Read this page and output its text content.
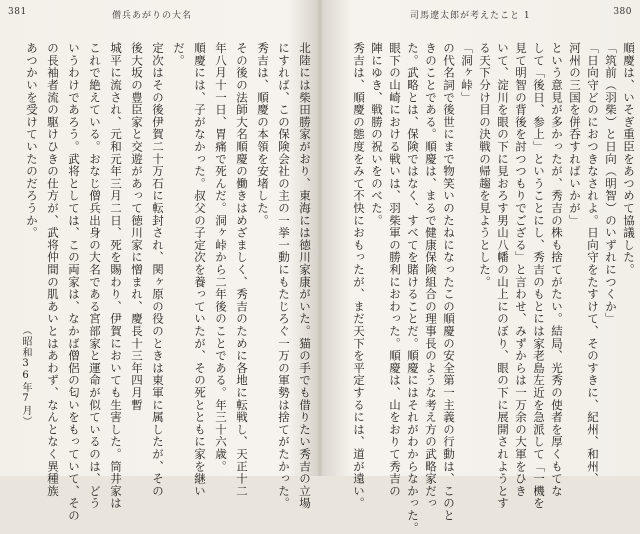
381	僧兵あがりの大名
北陸には柴田勝家がおり、東海には徳川家康がいた。猫の手でも借りたい秀吉の立場
にすれば、この保険会社の主の一挙一動にもたじろぐ一万の軍勢は捨てがたかった。
秀吉は、順慶の本領を安堵した。
その後の法師大名順慶の働きはめざましく、秀吉のために各地に転戦し、天正十二
年八月十一日、胃痛で死んだ。洞ヶ峠から二年後のことである。年三十六歳。
順慶には、子がなかった。叔父の子定次を養っていたが、その死とともに家を継い
だ。
定次はその後伊賀二十万石に転封され、関ヶ原の役のときは東軍に属したが、その
後大坂の豊臣家と交遊があって徳川家に憎まれ、慶長十三年四月暫
城平に流され、元和元年三月二日、死を賜わり、伊賀においても生害した。筒井家は
これで絶えている。おなじ僧兵出身の大名である宮部家と運命が似ているのは、どう
いうわけであろう。武将としては、この両家は、なかば僧侶の匂いをもっていて、その
の長袖者流の駆けひきの仕方が、武将仲間の肌あいとはあわず、なんとなく異種族
あつかいを受けていたのだろうか。
（昭和36年7月）
380
司馬遼太郎が考えたこと 1
順慶は、いそぎ重臣をあつめて協議した。
「筑前（羽柴）と日向（明智）のいずれにつくか」
「日向守どのにおつきなされよ。日向守をたすけて、そのすきに、紀州、和州、
河州の三国を併呑すればいかが」
という意見が多かったが、秀吉の株も捨てがたい。結局、光秀の使者を厚くもてな
して「後日、参上」ということにし、秀吉のもとには家老島左近を急派して「一機を
見て明智の背後を討つつもりでござる」と言わせ、みずからは一万余の大軍をひき
いて、淀川を眼の下に見おろす男山八幡の山上にのぼり、眼の下に展開されようとす
る天下分け目の決戦の帰趨を見ようとした。
「洞ヶ峠」
の代名詞で後世にまで物笑いのたねになったこの順慶の安全第一主義の行動は、このと
きのことである。順慶は、まるで健康保険組合の理事長のような考え方の武略家だっ
た。武略とは、保険ではなく、すべてを賭けることだ。順慶にはそれがわからなかった。
眼下の山崎における戦いは、羽柴軍の勝利におわった。順慶は、山をおりて秀吉の
陣にゆき、戦勝の祝いをのべた。
秀吉は、順慶の態度をみて不快におもったが、まだ天下を平定するには、道が遠い。
